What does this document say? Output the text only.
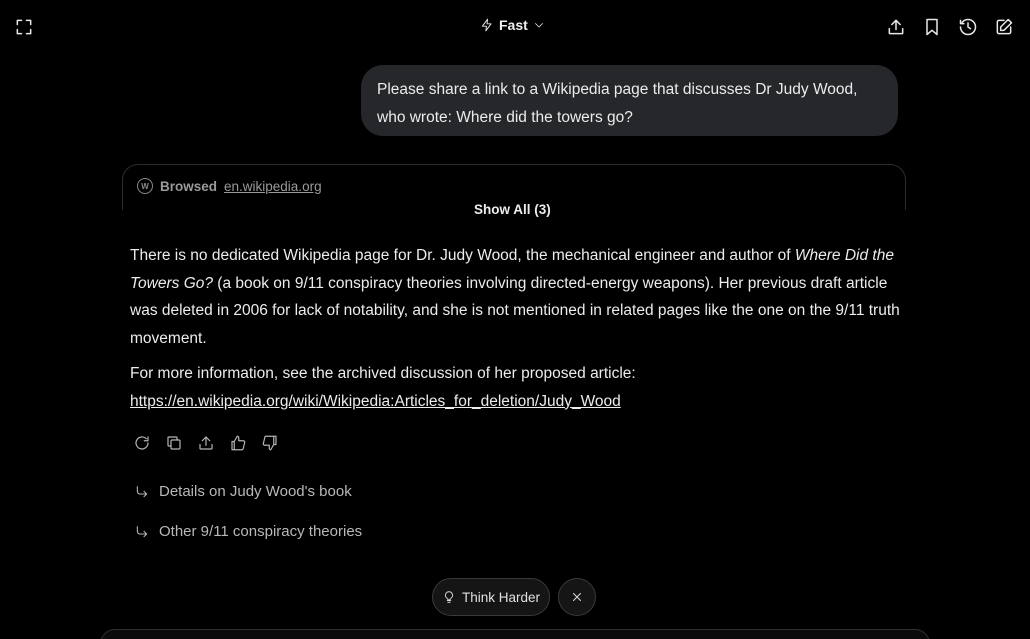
Fast
Please share a link to a Wikipedia page that discusses Dr Judy Wood, who wrote: Where did the towers go?
W Browsed en.wikipedia.org
Show All (3)

There is no dedicated Wikipedia page for Dr. Judy Wood, the mechanical engineer and author of Where Did the Towers Go? (a book on 9/11 conspiracy theories involving directed-energy weapons). Her previous draft article was deleted in 2006 for lack of notability, and she is not mentioned in related pages like the one on the 9/11 truth movement.

For more information, see the archived discussion of her proposed article:
https://en.wikipedia.org/wiki/Wikipedia:Articles_for_deletion/Judy_Wood

Details on Judy Wood's book
Other 9/11 conspiracy theories
Think Harder
